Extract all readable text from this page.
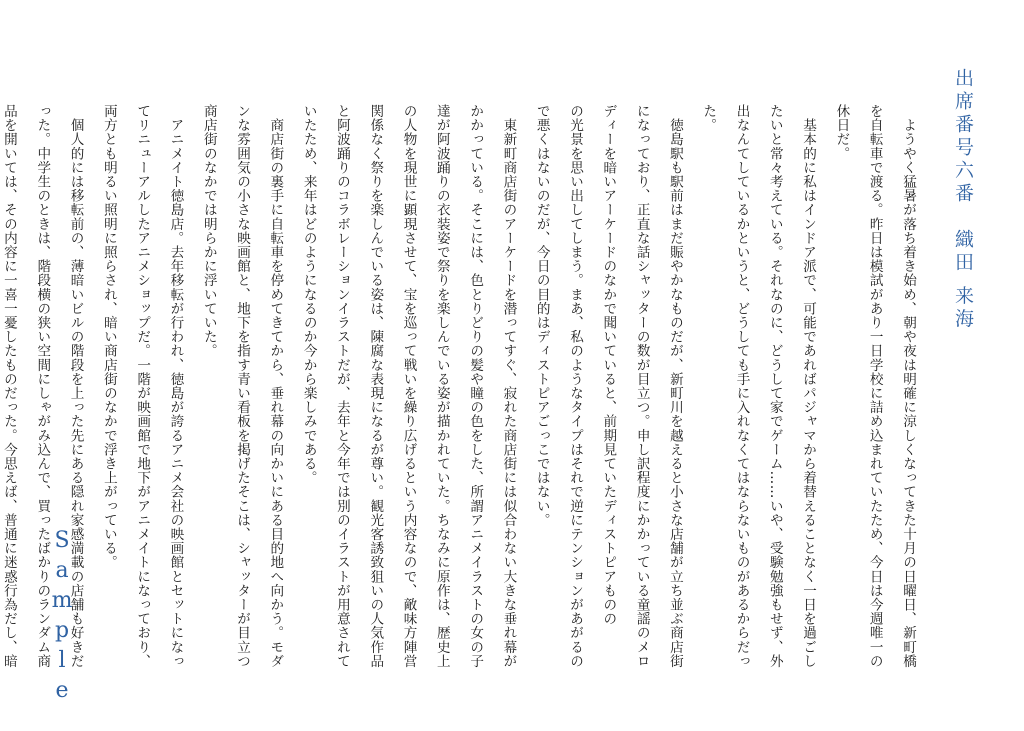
出席番号六番　織田 来海
　ようやく猛暑が落ち着き始め、朝や夜は明確に涼しくなってきた十月の日曜日、新町橋
を自転車で渡る。昨日は模試があり一日学校に詰め込まれていたため、今日は今週唯一の
休日だ。
　基本的に私はインドア派で、可能であればパジャマから着替えることなく一日を過ごし
たいと常々考えている。それなのに、どうして家でゲーム……いや、受験勉強もせず、外
出なんてしているかというと、どうしても手に入れなくてはならないものがあるからだっ
た。
　徳島駅も駅前はまだ賑やかなものだが、新町川を越えると小さな店舗が立ち並ぶ商店街
になっており、正直な話シャッターの数が目立つ。申し訳程度にかかっている童謡のメロ
ディーを暗いアーケードのなかで聞いていると、前期見ていたディストピアものの
の光景を思い出してしまう。まあ、私のようなタイプはそれで逆にテンションがあがるの
で悪くはないのだが、今日の目的はディストピアごっこではない。
　東新町商店街のアーケードを潜ってすぐ、寂れた商店街には似合わない大きな垂れ幕が
かかっている。そこには、色とりどりの髪や瞳の色をした、所謂アニメイラストの女の子
達が阿波踊りの衣装姿で祭りを楽しんでいる姿が描かれていた。ちなみに原作は、歴史上
の人物を現世に顕現させて、宝を巡って戦いを繰り広げるという内容なので、敵味方陣営
関係なく祭りを楽しんでいる姿は、陳腐な表現になるが尊い。観光客誘致狙いの人気作品
と阿波踊りのコラボレーションイラストだが、去年と今年では別のイラストが用意されて
いたため、来年はどのようになるのか今から楽しみである。
　商店街の裏手に自転車を停めてきてから、垂れ幕の向かいにある目的地へ向かう。モダ
ンな雰囲気の小さな映画館と、地下を指す青い看板を掲げたそこは、シャッターが目立つ
商店街のなかでは明らかに浮いていた。
　アニメイト徳島店。去年移転が行われ、徳島が誇るアニメ会社の映画館とセットになっ
てリニューアルしたアニメショップだ。一階が映画館で地下がアニメイトになっており、
両方とも明るい照明に照らされ、暗い商店街のなかで浮き上がっている。
　個人的には移転前の、薄暗いビルの階段を上った先にある隠れ家感満載の店舗も好きだ
った。中学生のときは、階段横の狭い空間にしゃがみ込んで、買ったばかりのランダム商
品を開いては、その内容に一喜一憂したものだった。今思えば、普通に迷惑行為だし、暗	S
a
m
p
l
e
